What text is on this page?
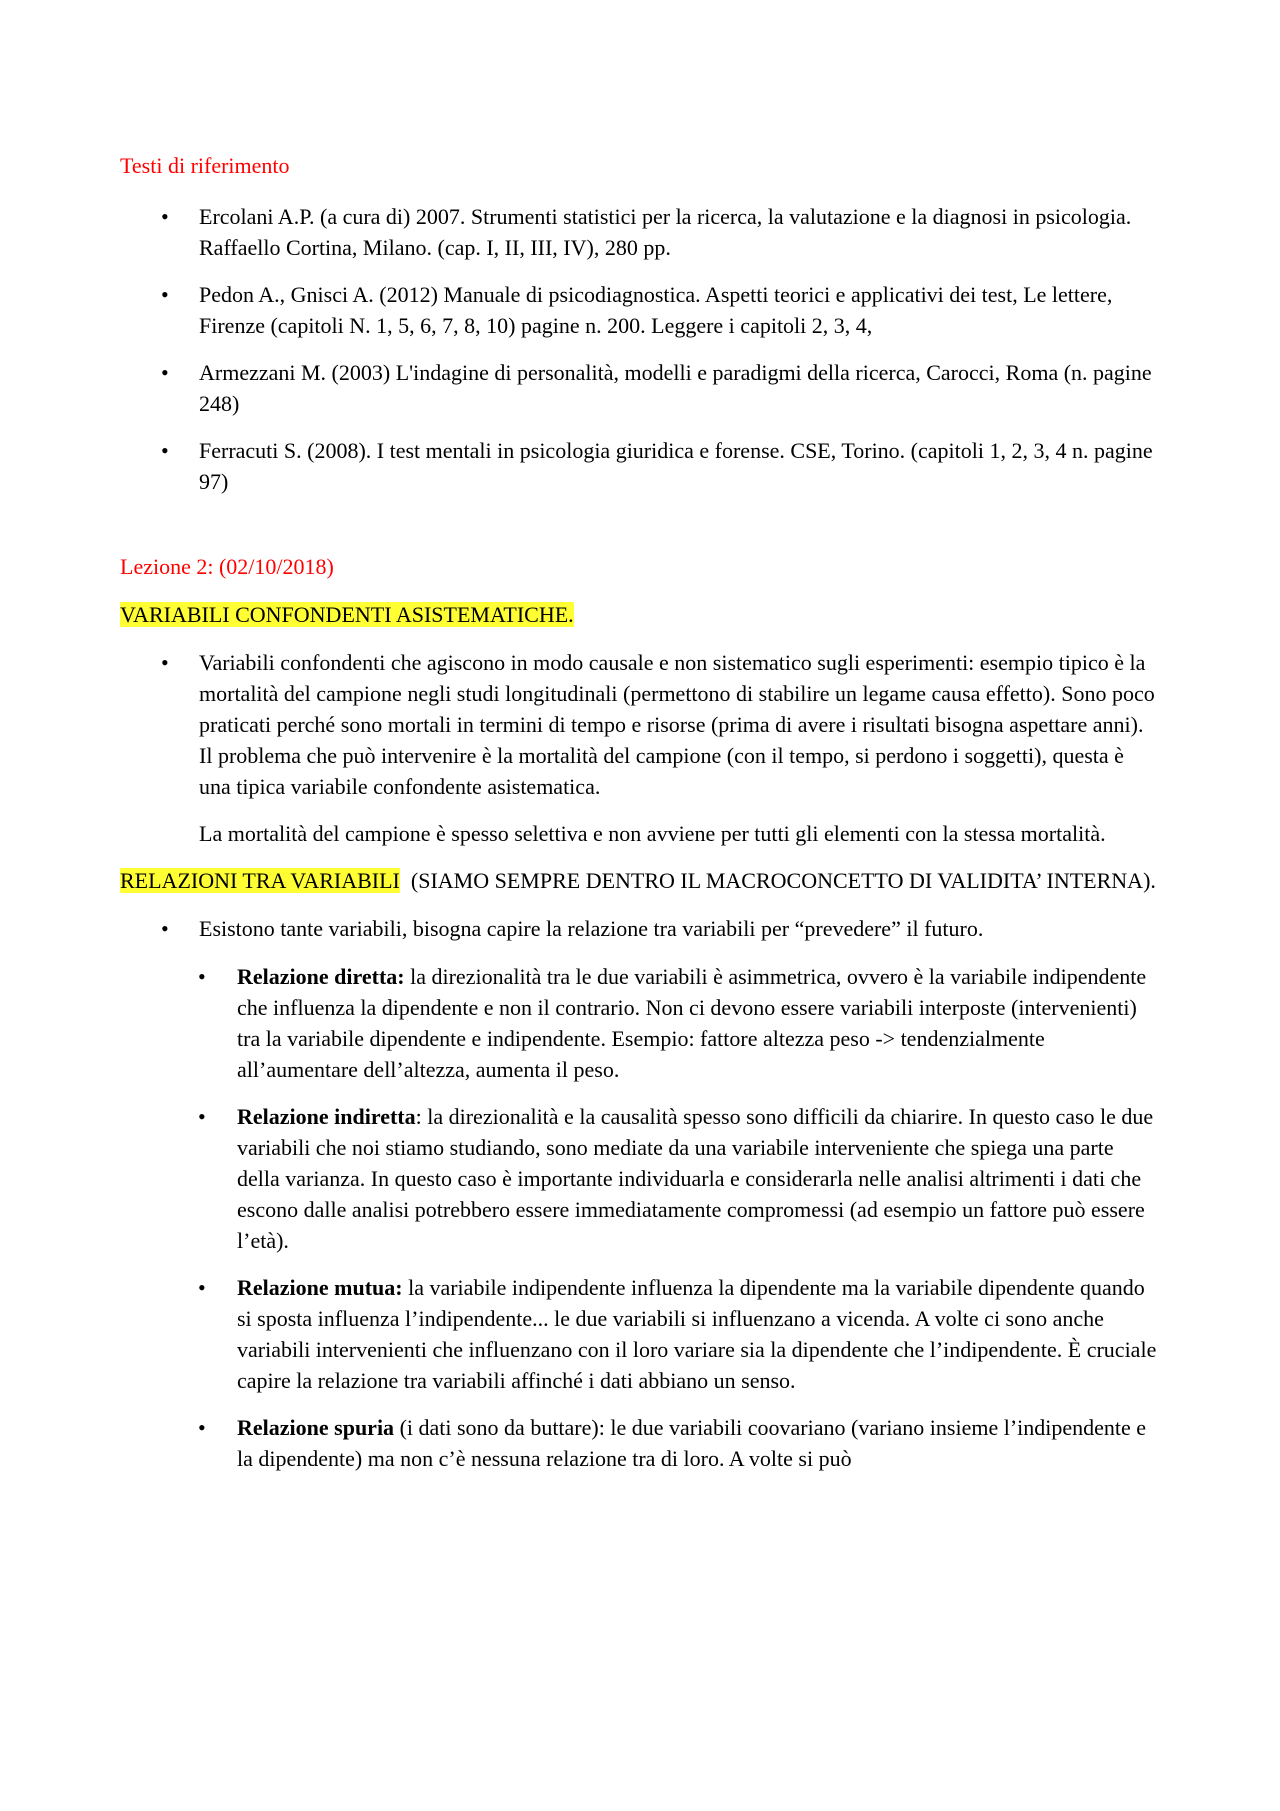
Testi di riferimento

• Ercolani A.P. (a cura di) 2007. Strumenti statistici per la ricerca, la valutazione e la diagnosi in psicologia. Raffaello Cortina, Milano. (cap. I, II, III, IV), 280 pp.
• Pedon A., Gnisci A. (2012) Manuale di psicodiagnostica. Aspetti teorici e applicativi dei test, Le lettere, Firenze (capitoli N. 1, 5, 6, 7, 8, 10) pagine n. 200. Leggere i capitoli 2, 3, 4,
• Armezzani M. (2003) L'indagine di personalità, modelli e paradigmi della ricerca, Carocci, Roma (n. pagine 248)
• Ferracuti S. (2008). I test mentali in psicologia giuridica e forense. CSE, Torino. (capitoli 1, 2, 3, 4 n. pagine 97)

Lezione 2: (02/10/2018)

VARIABILI CONFONDENTI ASISTEMATICHE.

• Variabili confondenti che agiscono in modo causale e non sistematico sugli esperimenti: esempio tipico è la mortalità del campione negli studi longitudinali (permettono di stabilire un legame causa effetto). Sono poco praticati perché sono mortali in termini di tempo e risorse (prima di avere i risultati bisogna aspettare anni). Il problema che può intervenire è la mortalità del campione (con il tempo, si perdono i soggetti), questa è una tipica variabile confondente asistematica.

La mortalità del campione è spesso selettiva e non avviene per tutti gli elementi con la stessa mortalità.

RELAZIONI TRA VARIABILI  (SIAMO SEMPRE DENTRO IL MACROCONCETTO DI VALIDITA’ INTERNA).

• Esistono tante variabili, bisogna capire la relazione tra variabili per “prevedere” il futuro.
• Relazione diretta: la direzionalità tra le due variabili è asimmetrica, ovvero è la variabile indipendente che influenza la dipendente e non il contrario. Non ci devono essere variabili interposte (intervenienti) tra la variabile dipendente e indipendente. Esempio: fattore altezza peso -> tendenzialmente all’aumentare dell’altezza, aumenta il peso.
• Relazione indiretta: la direzionalità e la causalità spesso sono difficili da chiarire. In questo caso le due variabili che noi stiamo studiando, sono mediate da una variabile interveniente che spiega una parte della varianza. In questo caso è importante individuarla e considerarla nelle analisi altrimenti i dati che escono dalle analisi potrebbero essere immediatamente compromessi (ad esempio un fattore può essere l’età).
• Relazione mutua: la variabile indipendente influenza la dipendente ma la variabile dipendente quando si sposta influenza l’indipendente... le due variabili si influenzano a vicenda. A volte ci sono anche variabili intervenienti che influenzano con il loro variare sia la dipendente che l’indipendente. È cruciale capire la relazione tra variabili affinché i dati abbiano un senso.
• Relazione spuria (i dati sono da buttare): le due variabili coovariano (variano insieme l’indipendente e la dipendente) ma non c’è nessuna relazione tra di loro. A volte si può
